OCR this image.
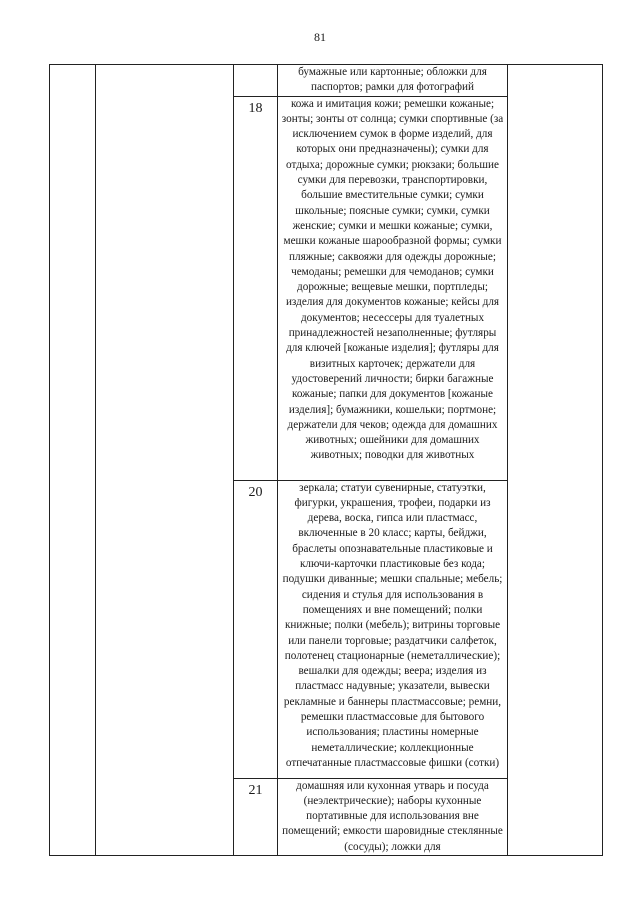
81
			бумажные или картонные; обложки для паспортов; рамки для фотографий	
		18	кожа и имитация кожи; ремешки кожаные; зонты; зонты от солнца; сумки спортивные (за исключением сумок в форме изделий, для которых они предназначены); сумки для отдыха; дорожные сумки; рюкзаки; большие сумки для перевозки, транспортировки, большие вместительные сумки; сумки школьные; поясные сумки; сумки, сумки женские; сумки и мешки кожаные; сумки, мешки кожаные шарообразной формы; сумки пляжные; саквояжи для одежды дорожные; чемоданы; ремешки для чемоданов; сумки дорожные; вещевые мешки, портпледы; изделия для документов кожаные; кейсы для документов; несессеры для туалетных принадлежностей незаполненные; футляры для ключей [кожаные изделия]; футляры для визитных карточек; держатели для удостоверений личности; бирки багажные кожаные; папки для документов [кожаные изделия]; бумажники, кошельки; портмоне; держатели для чеков; одежда для домашних животных; ошейники для домашних животных; поводки для животных	
		20	зеркала; статуи сувенирные, статуэтки, фигурки, украшения, трофеи, подарки из дерева, воска, гипса или пластмасс, включенные в 20 класс; карты, бейджи, браслеты опознавательные пластиковые и ключи-карточки пластиковые без кода; подушки диванные; мешки спальные; мебель; сидения и стулья для использования в помещениях и вне помещений; полки книжные; полки (мебель); витрины торговые или панели торговые; раздатчики салфеток, полотенец стационарные (неметаллические); вешалки для одежды; веера; изделия из пластмасс надувные; указатели, вывески рекламные и баннеры пластмассовые; ремни, ремешки пластмассовые для бытового использования; пластины номерные неметаллические; коллекционные отпечатанные пластмассовые фишки (сотки)	
		21	домашняя или кухонная утварь и посуда (неэлектрические); наборы кухонные портативные для использования вне помещений; емкости шаровидные стеклянные (сосуды); ложки для	
